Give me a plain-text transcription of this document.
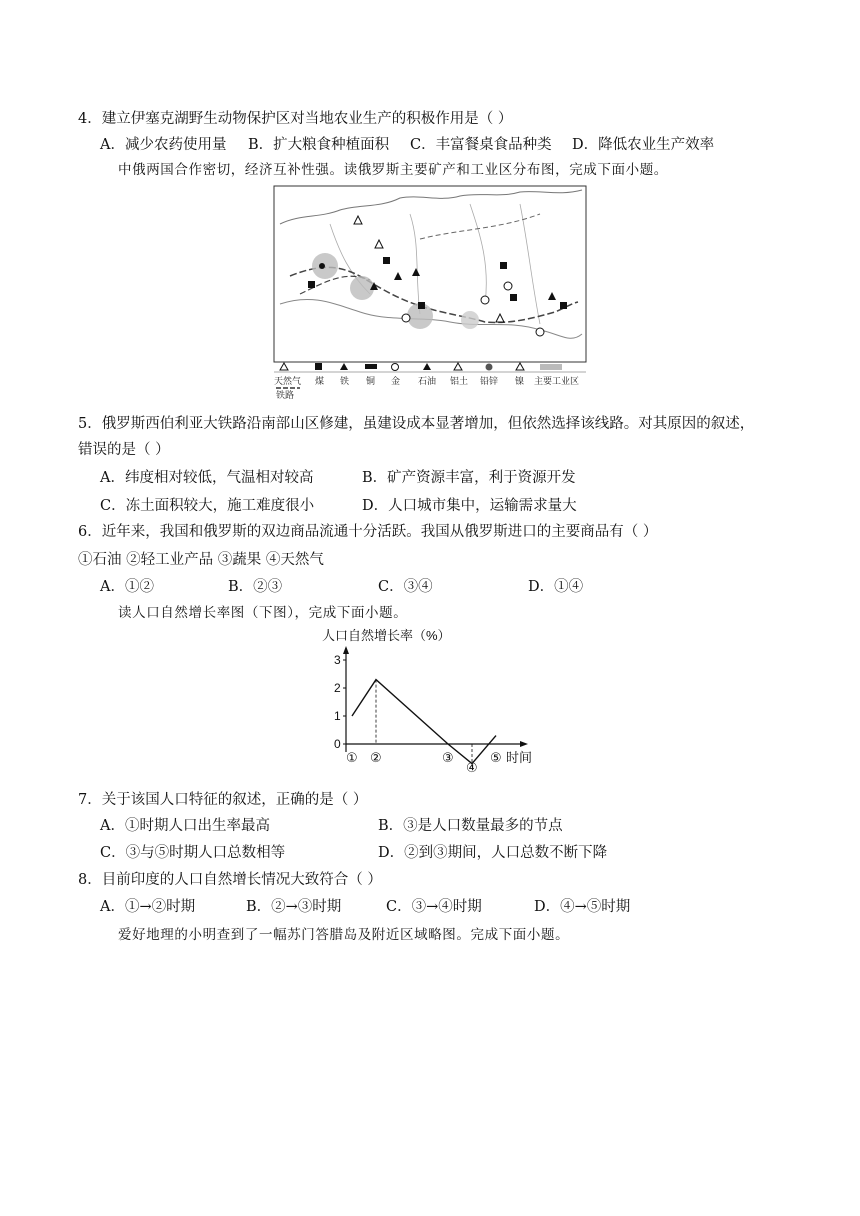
4．建立伊塞克湖野生动物保护区对当地农业生产的积极作用是（ ）
A．减少农药使用量 B．扩大粮食种植面积 C．丰富餐桌食品种类 D．降低农业生产效率
中俄两国合作密切，经济互补性强。读俄罗斯主要矿产和工业区分布图，完成下面小题。
天然气 煤 铁 铜 金 石油 铝土 铅锌 镍 主要工业区
铁路
5．俄罗斯西伯利亚大铁路沿南部山区修建，虽建设成本显著增加，但依然选择该线路。对其原因的叙述，
错误的是（ ）
A．纬度相对较低，气温相对较高	B．矿产资源丰富，利于资源开发
C．冻土面积较大，施工难度很小	D．人口城市集中，运输需求量大
6．近年来，我国和俄罗斯的双边商品流通十分活跃。我国从俄罗斯进口的主要商品有（ ）
①石油 ②轻工业产品 ③蔬果 ④天然气
A．①②	B．②③	C．③④	D．①④
读人口自然增长率图（下图），完成下面小题。
人口自然增长率（%）
0
1
2
3
① ②	③
④
⑤ 时间
7．关于该国人口特征的叙述，正确的是（ ）
A．①时期人口出生率最高	B．③是人口数量最多的节点
C．③与⑤时期人口总数相等	D．②到③期间，人口总数不断下降
8．目前印度的人口自然增长情况大致符合（ ）
A．①→②时期	B．②→③时期	C．③→④时期	D．④→⑤时期
爱好地理的小明查到了一幅苏门答腊岛及附近区域略图。完成下面小题。
